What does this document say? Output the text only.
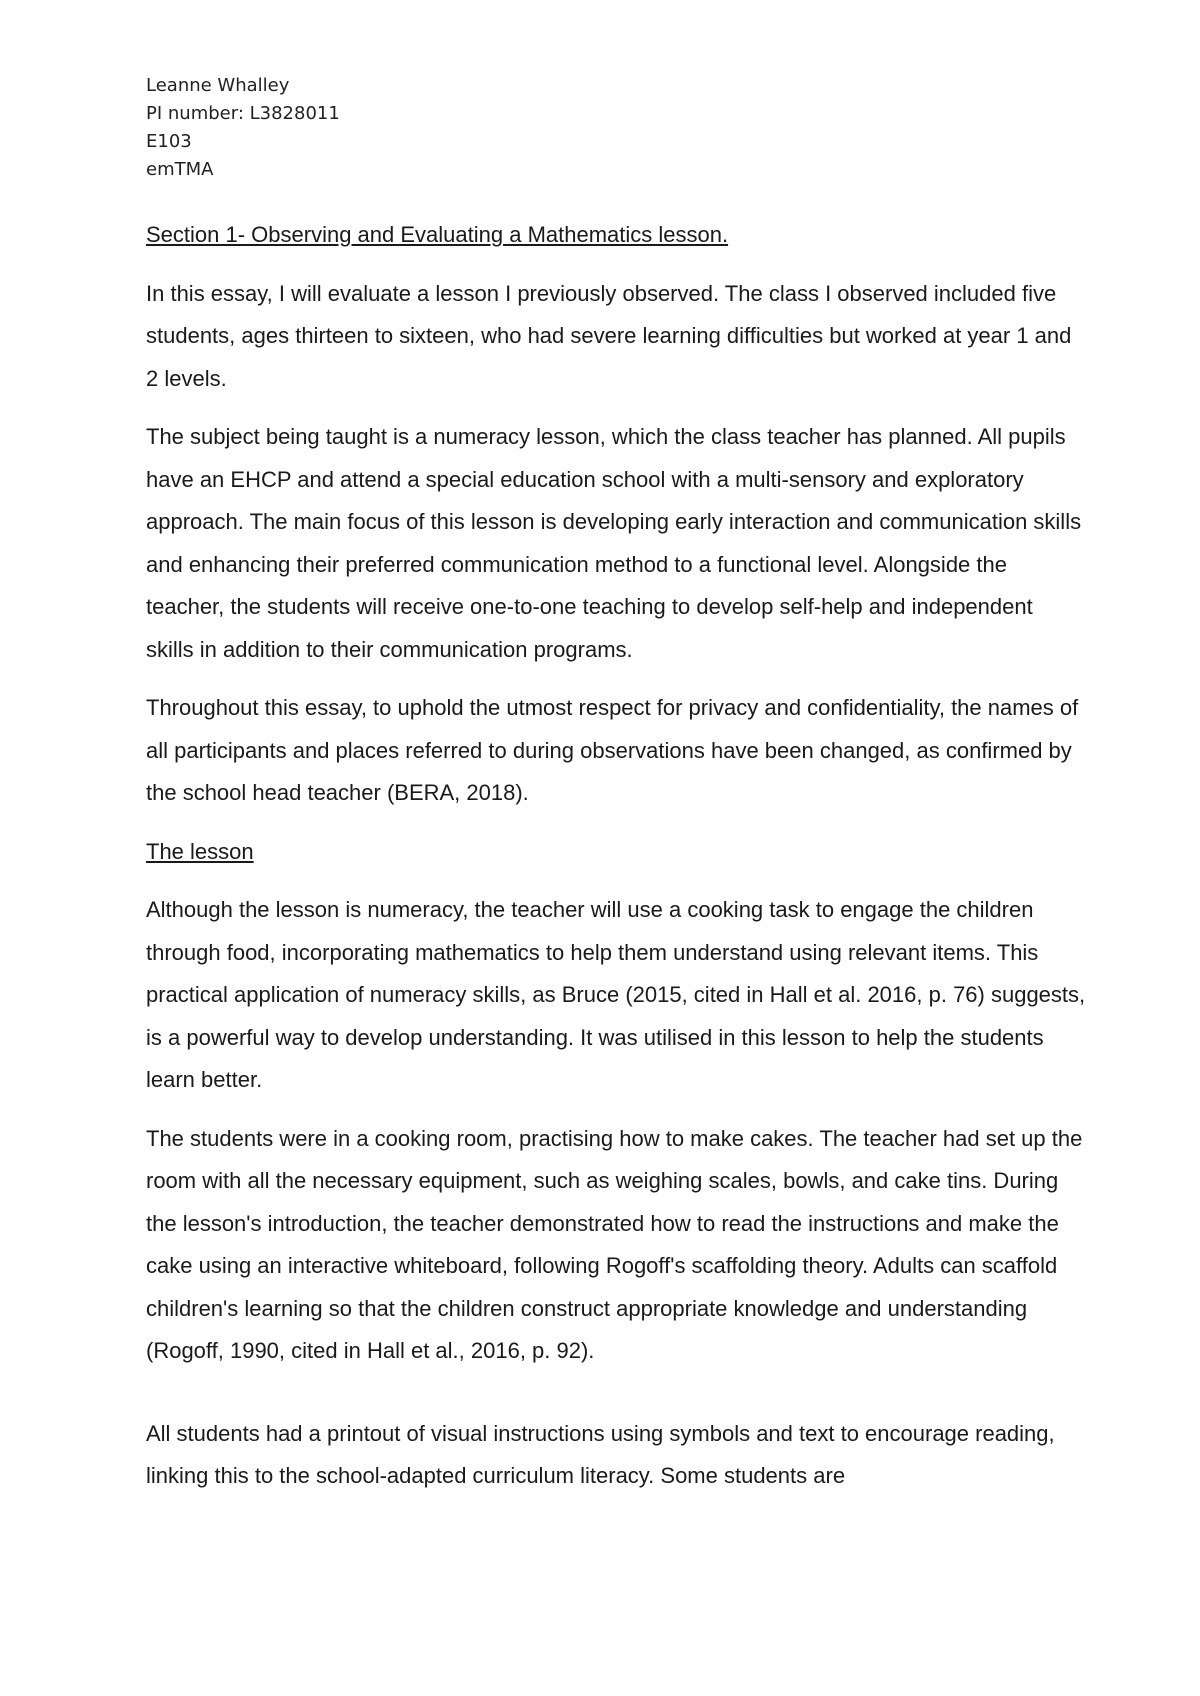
Leanne Whalley
PI number: L3828011
E103
emTMA

Section 1- Observing and Evaluating a Mathematics lesson.

In this essay, I will evaluate a lesson I previously observed. The class I observed included five students, ages thirteen to sixteen, who had severe learning difficulties but worked at year 1 and 2 levels.

The subject being taught is a numeracy lesson, which the class teacher has planned. All pupils have an EHCP and attend a special education school with a multi-sensory and exploratory approach. The main focus of this lesson is developing early interaction and communication skills and enhancing their preferred communication method to a functional level. Alongside the teacher, the students will receive one-to-one teaching to develop self-help and independent skills in addition to their communication programs.

Throughout this essay, to uphold the utmost respect for privacy and confidentiality, the names of all participants and places referred to during observations have been changed, as confirmed by the school head teacher (BERA, 2018).

The lesson

Although the lesson is numeracy, the teacher will use a cooking task to engage the children through food, incorporating mathematics to help them understand using relevant items. This practical application of numeracy skills, as Bruce (2015, cited in Hall et al. 2016, p. 76) suggests, is a powerful way to develop understanding. It was utilised in this lesson to help the students learn better.

The students were in a cooking room, practising how to make cakes. The teacher had set up the room with all the necessary equipment, such as weighing scales, bowls, and cake tins. During the lesson's introduction, the teacher demonstrated how to read the instructions and make the cake using an interactive whiteboard, following Rogoff's scaffolding theory. Adults can scaffold children's learning so that the children construct appropriate knowledge and understanding (Rogoff, 1990, cited in Hall et al., 2016, p. 92).

All students had a printout of visual instructions using symbols and text to encourage reading, linking this to the school-adapted curriculum literacy. Some students are
